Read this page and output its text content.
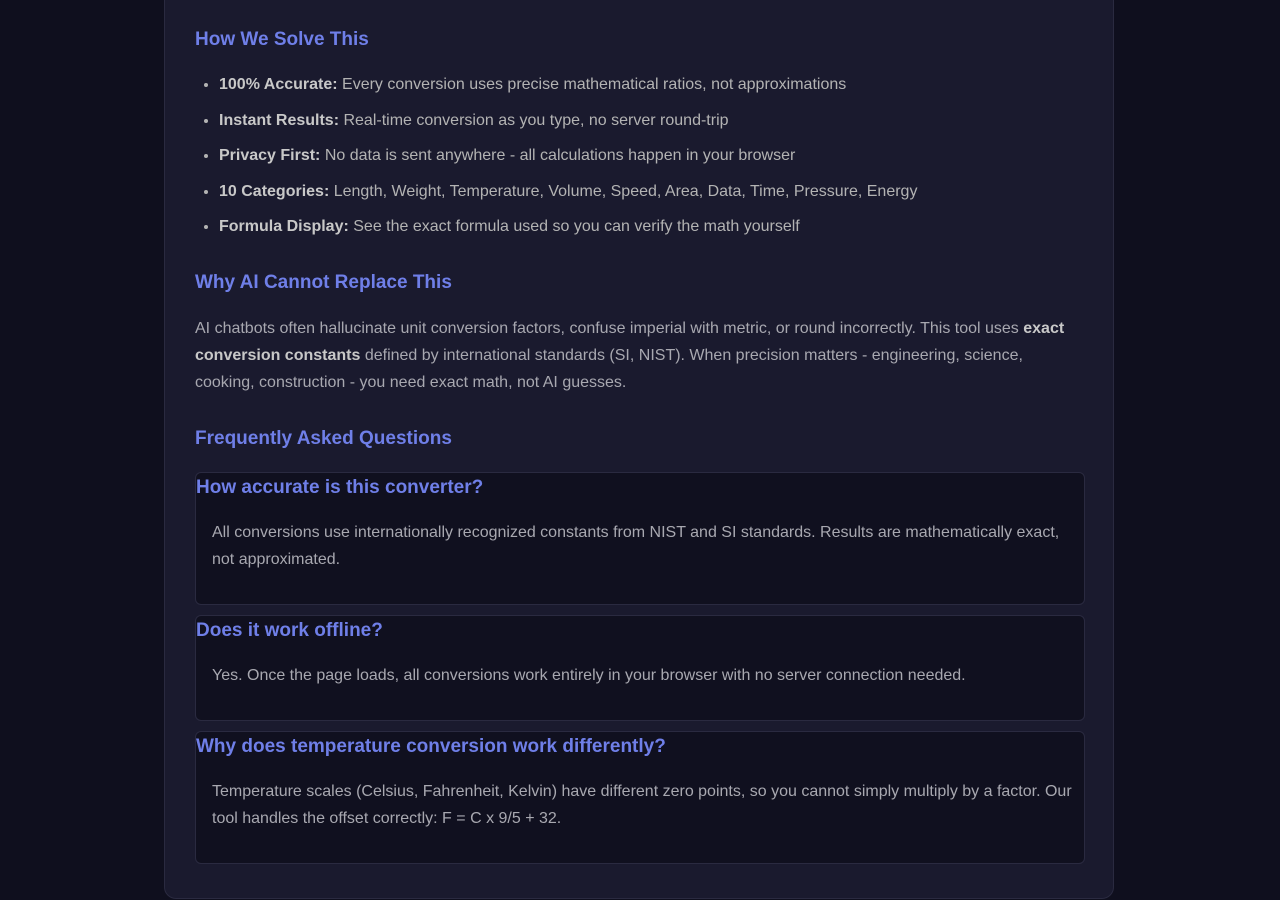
How We Solve This
• 100% Accurate: Every conversion uses precise mathematical ratios, not approximations
• Instant Results: Real-time conversion as you type, no server round-trip
• Privacy First: No data is sent anywhere - all calculations happen in your browser
• 10 Categories: Length, Weight, Temperature, Volume, Speed, Area, Data, Time, Pressure, Energy
• Formula Display: See the exact formula used so you can verify the math yourself
Why AI Cannot Replace This

AI chatbots often hallucinate unit conversion factors, confuse imperial with metric, or round incorrectly. This tool uses exact conversion constants defined by international standards (SI, NIST). When precision matters - engineering, science, cooking, construction - you need exact math, not AI guesses.

Frequently Asked Questions
How accurate is this converter?

All conversions use internationally recognized constants from NIST and SI standards. Results are mathematically exact, not approximated.

Does it work offline?

Yes. Once the page loads, all conversions work entirely in your browser with no server connection needed.

Why does temperature conversion work differently?

Temperature scales (Celsius, Fahrenheit, Kelvin) have different zero points, so you cannot simply multiply by a factor. Our tool handles the offset correctly: F = C x 9/5 + 32.
